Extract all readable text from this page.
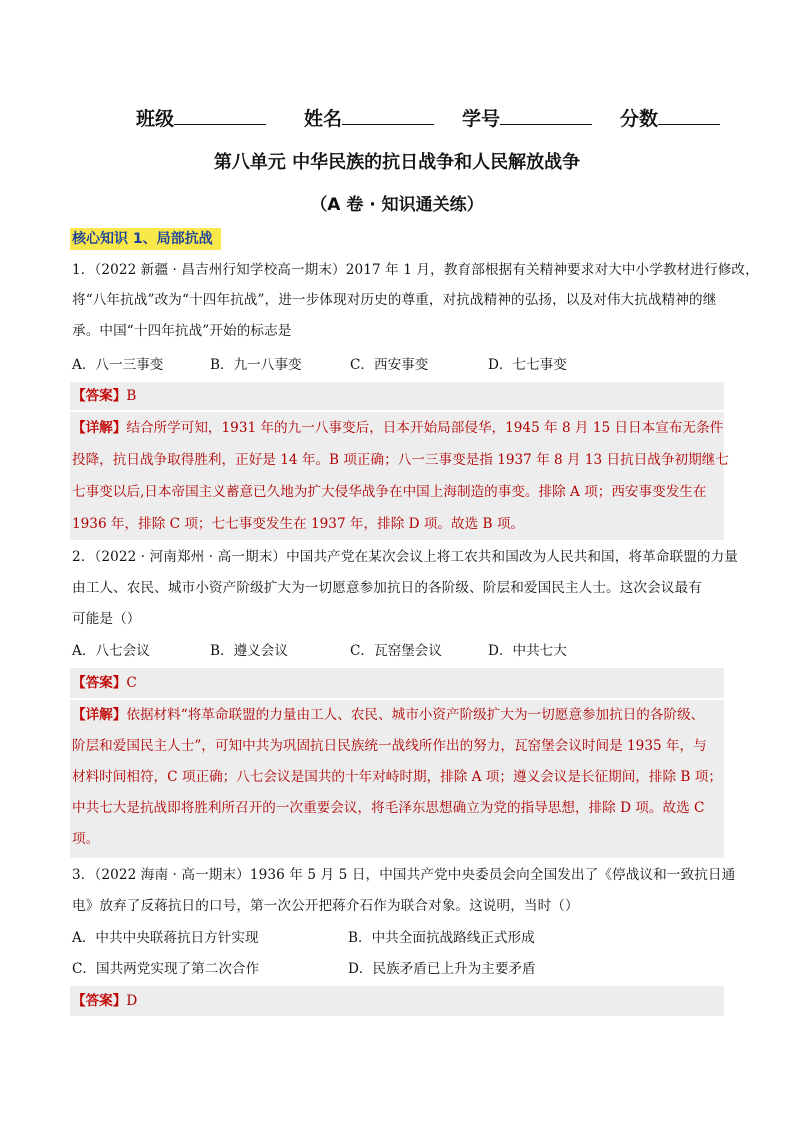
班级	姓名	学号	分数
第八单元 中华民族的抗日战争和人民解放战争
（A 卷 · 知识通关练）
核心知识 1、局部抗战
1．（2022 新疆 · 昌吉州行知学校高一期末）2017 年 1 月，教育部根据有关精神要求对大中小学教材进行修改，
将“八年抗战”改为“十四年抗战”，进一步体现对历史的尊重，对抗战精神的弘扬，以及对伟大抗战精神的继
承。中国“十四年抗战”开始的标志是
A．八一三事变	B．九一八事变	C．西安事变	D．七七事变
【答案】B
【详解】结合所学可知，1931 年的九一八事变后，日本开始局部侵华，1945 年 8 月 15 日日本宣布无条件
投降，抗日战争取得胜利，正好是 14 年。B 项正确；八一三事变是指 1937 年 8 月 13 日抗日战争初期继七
七事变以后,日本帝国主义蓄意已久地为扩大侵华战争在中国上海制造的事变。排除 A 项；西安事变发生在
1936 年，排除 C 项；七七事变发生在 1937 年，排除 D 项。故选 B 项。
2．（2022 · 河南郑州 · 高一期末）中国共产党在某次会议上将工农共和国改为人民共和国，将革命联盟的力量
由工人、农民、城市小资产阶级扩大为一切愿意参加抗日的各阶级、阶层和爱国民主人士。这次会议最有
可能是（）
A．八七会议	B．遵义会议	C．瓦窑堡会议	D．中共七大
【答案】C
【详解】依据材料“将革命联盟的力量由工人、农民、城市小资产阶级扩大为一切愿意参加抗日的各阶级、
阶层和爱国民主人士”，可知中共为巩固抗日民族统一战线所作出的努力，瓦窑堡会议时间是 1935 年，与
材料时间相符，C 项正确；八七会议是国共的十年对峙时期，排除 A 项；遵义会议是长征期间，排除 B 项；
中共七大是抗战即将胜利所召开的一次重要会议，将毛泽东思想确立为党的指导思想，排除 D 项。故选 C
项。
3．（2022 海南 · 高一期末）1936 年 5 月 5 日，中国共产党中央委员会向全国发出了《停战议和一致抗日通
电》放弃了反蒋抗日的口号，第一次公开把蒋介石作为联合对象。这说明，当时（）
A．中共中央联蒋抗日方针实现	B．中共全面抗战路线正式形成
C．国共两党实现了第二次合作	D．民族矛盾已上升为主要矛盾
【答案】D
